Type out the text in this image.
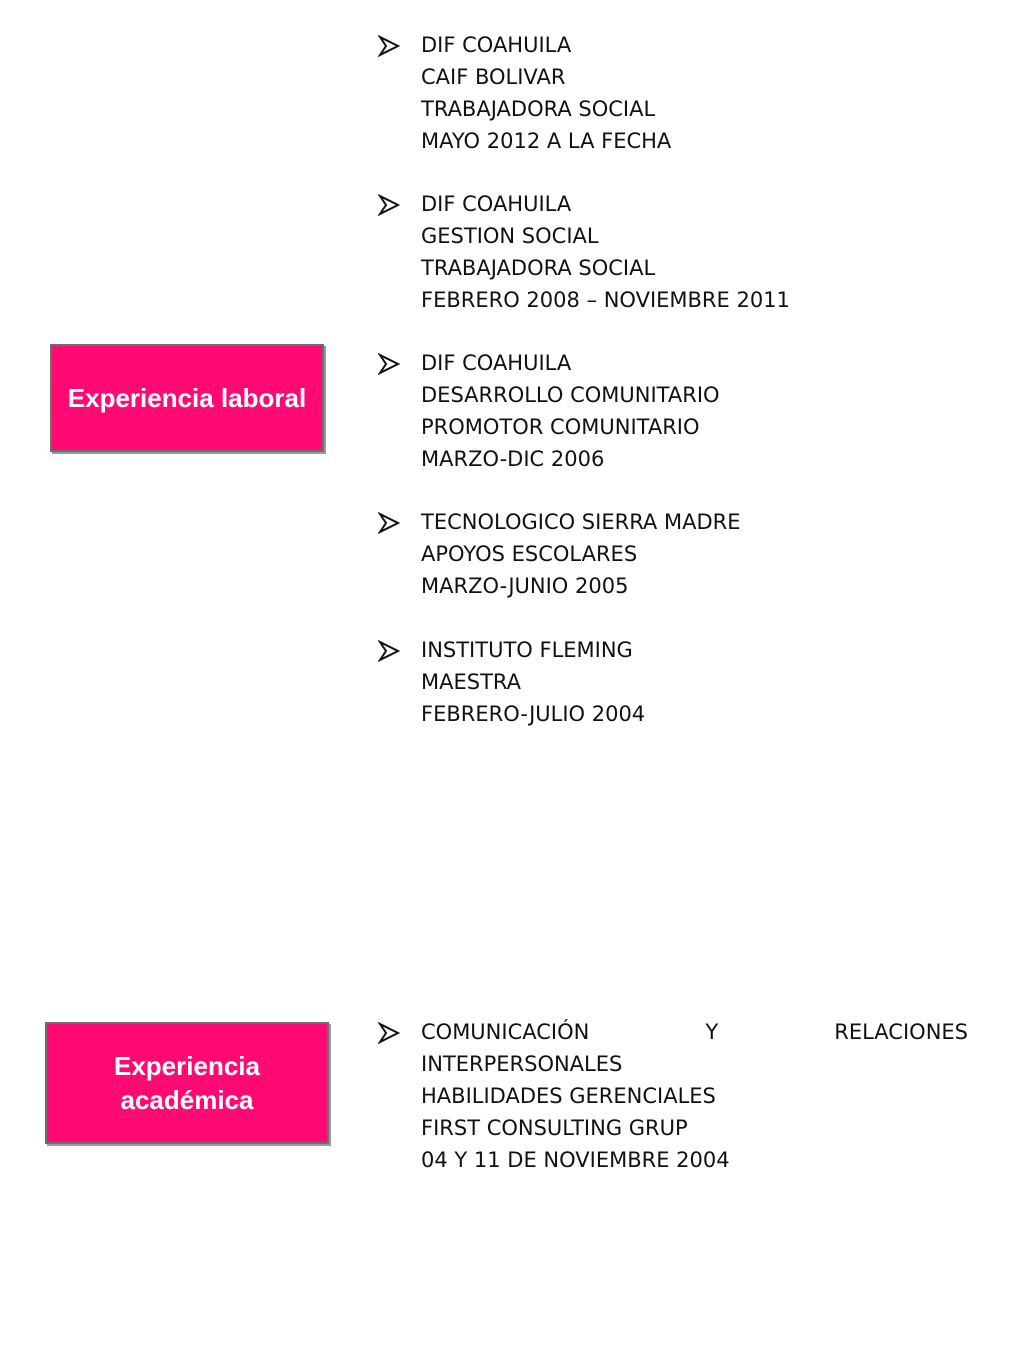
Experiencia laboral
Experiencia
académica
DIF COAHUILA
CAIF BOLIVAR
TRABAJADORA SOCIAL
MAYO 2012 A LA FECHA
DIF COAHUILA
GESTION SOCIAL
TRABAJADORA SOCIAL
FEBRERO 2008 – NOVIEMBRE 2011
DIF COAHUILA
DESARROLLO COMUNITARIO
PROMOTOR COMUNITARIO
MARZO-DIC 2006
TECNOLOGICO SIERRA MADRE
APOYOS ESCOLARES
MARZO-JUNIO 2005
INSTITUTO FLEMING
MAESTRA
FEBRERO-JULIO 2004
COMUNICACIÓN	Y	RELACIONES
INTERPERSONALES
HABILIDADES GERENCIALES
FIRST CONSULTING GRUP
04 Y 11 DE NOVIEMBRE 2004
